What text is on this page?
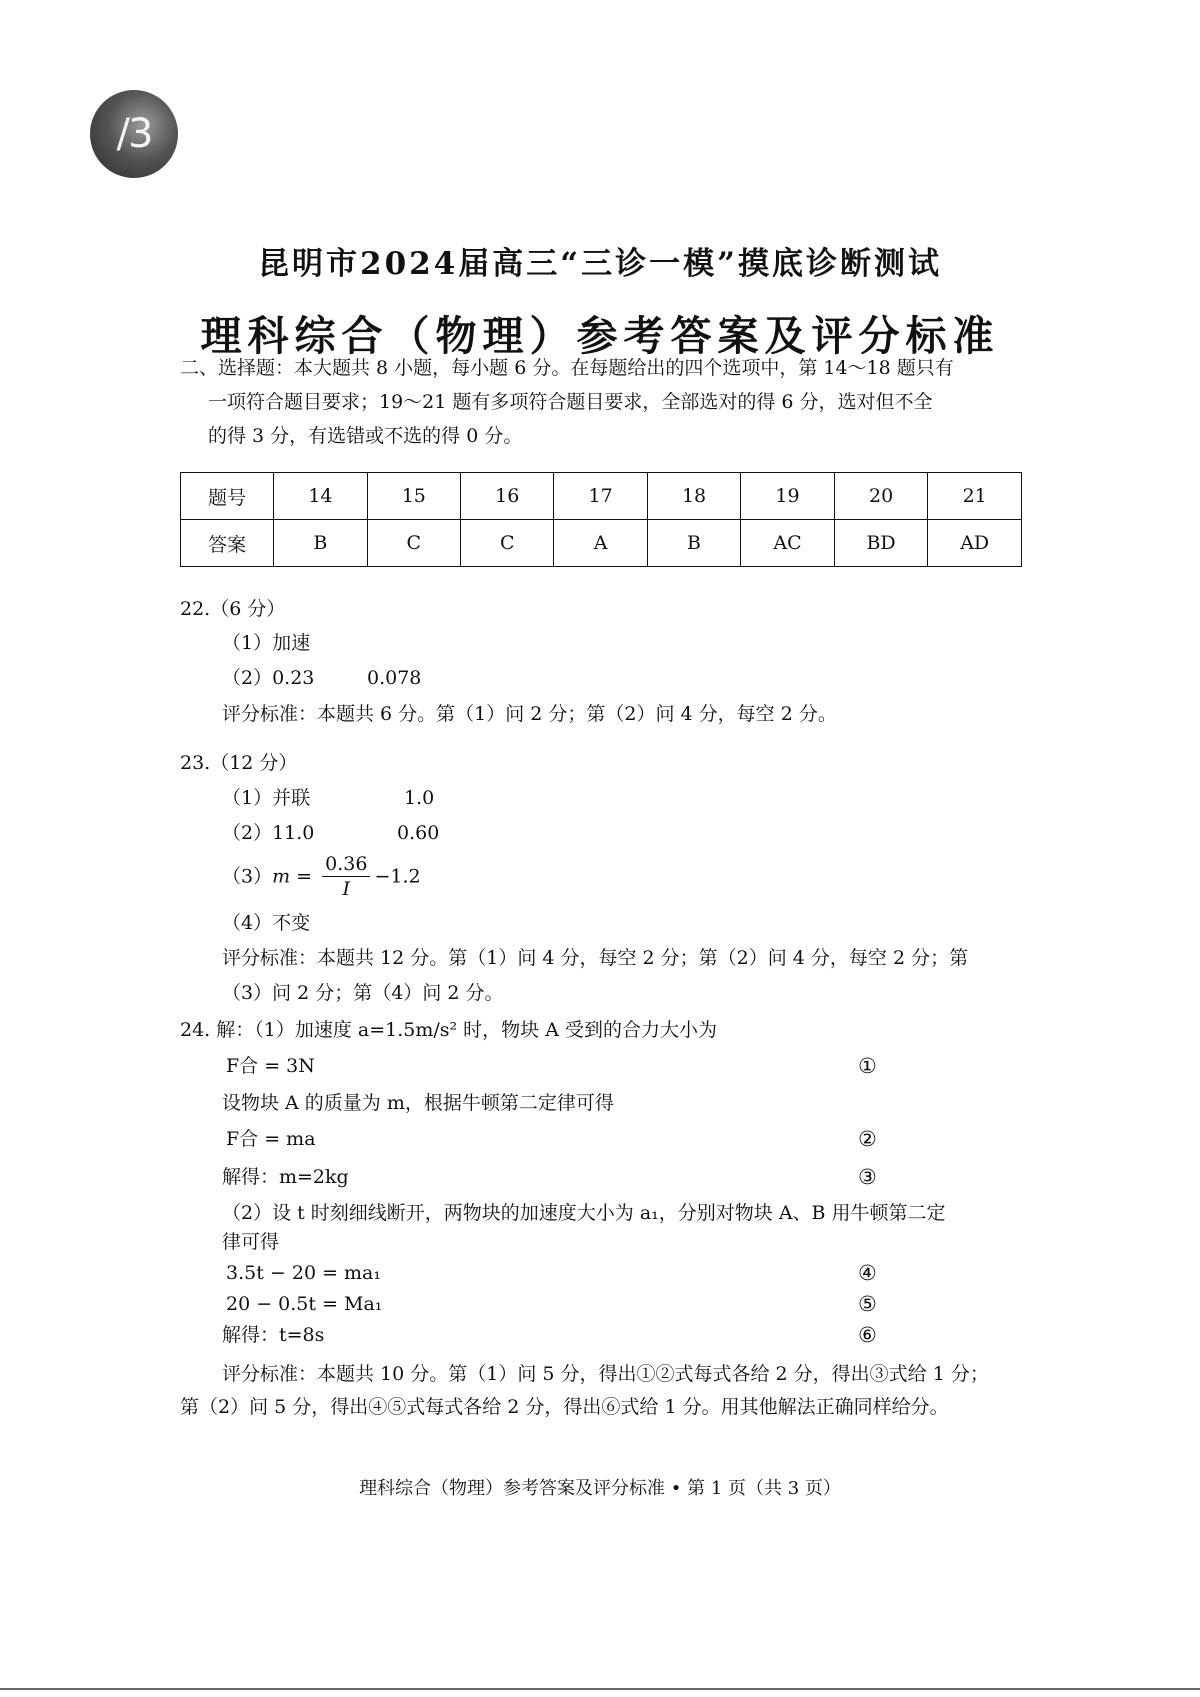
/3
昆明市2024届高三“三诊一模”摸底诊断测试
理科综合（物理）参考答案及评分标准
二、选择题：本大题共 8 小题，每小题 6 分。在每题给出的四个选项中，第 14～18 题只有
一项符合题目要求；19～21 题有多项符合题目要求，全部选对的得 6 分，选对但不全
的得 3 分，有选错或不选的得 0 分。
题号	14	15	16	17	18	19	20	21
答案	B	C	C	A	B	AC	BD	AD
22.（6 分）
（1）加速
（2）0.23	0.078
评分标准：本题共 6 分。第（1）问 2 分；第（2）问 4 分，每空 2 分。
23.（12 分）
（1）并联	1.0
（2）11.0	0.60
$(3)m = \frac{0.36}{I} -1.2$
（4）不变
评分标准：本题共 12 分。第（1）问 4 分，每空 2 分；第（2）问 4 分，每空 2 分；第
（3）问 2 分；第（4）问 2 分。
24. 解：（1）加速度 a=1.5m/s² 时，物块 A 受到的合力大小为
F合 = 3N	①
设物块 A 的质量为 m，根据牛顿第二定律可得
F合 = ma	②
解得：m=2kg	③
（2）设 t 时刻细线断开，两物块的加速度大小为 a₁，分别对物块 A、B 用牛顿第二定
律可得
3.5t − 20 = ma₁	④
20 − 0.5t = Ma₁	⑤
解得：t=8s	⑥
评分标准：本题共 10 分。第（1）问 5 分，得出①②式每式各给 2 分，得出③式给 1 分；
第（2）问 5 分，得出④⑤式每式各给 2 分，得出⑥式给 1 分。用其他解法正确同样给分。
理科综合（物理）参考答案及评分标准 • 第 1 页（共 3 页）
